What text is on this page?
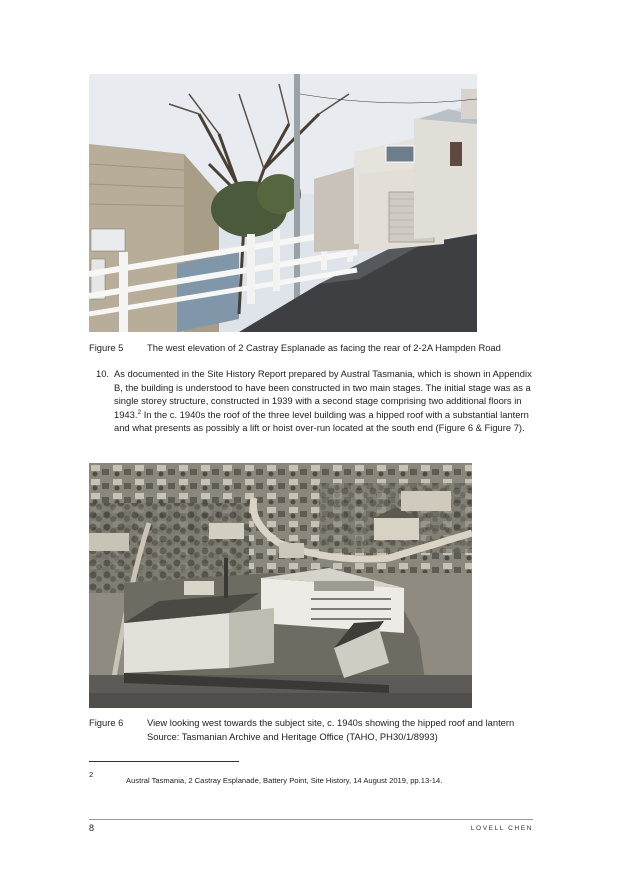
Figure 5	The west elevation of 2 Castray Esplanade as facing the rear of 2-2A Hampden Road
10. As documented in the Site History Report prepared by Austral Tasmania, which is shown in Appendix B, the building is understood to have been constructed in two main stages. The initial stage was as a single storey structure, constructed in 1939 with a second stage comprising two additional floors in 1943.$^2$ In the c. 1940s the roof of the three level building was a hipped roof with a substantial lantern and what presents as possibly a lift or hoist over-run located at the south end (Figure 6 & Figure 7).
Figure 6	View looking west towards the subject site, c. 1940s showing the hipped roof and lantern
Source: Tasmanian Archive and Heritage Office (TAHO, PH30/1/8993)
2
Austral Tasmania, 2 Castray Esplanade, Battery Point, Site History, 14 August 2019, pp.13-14.
8	LOVELL CHEN
